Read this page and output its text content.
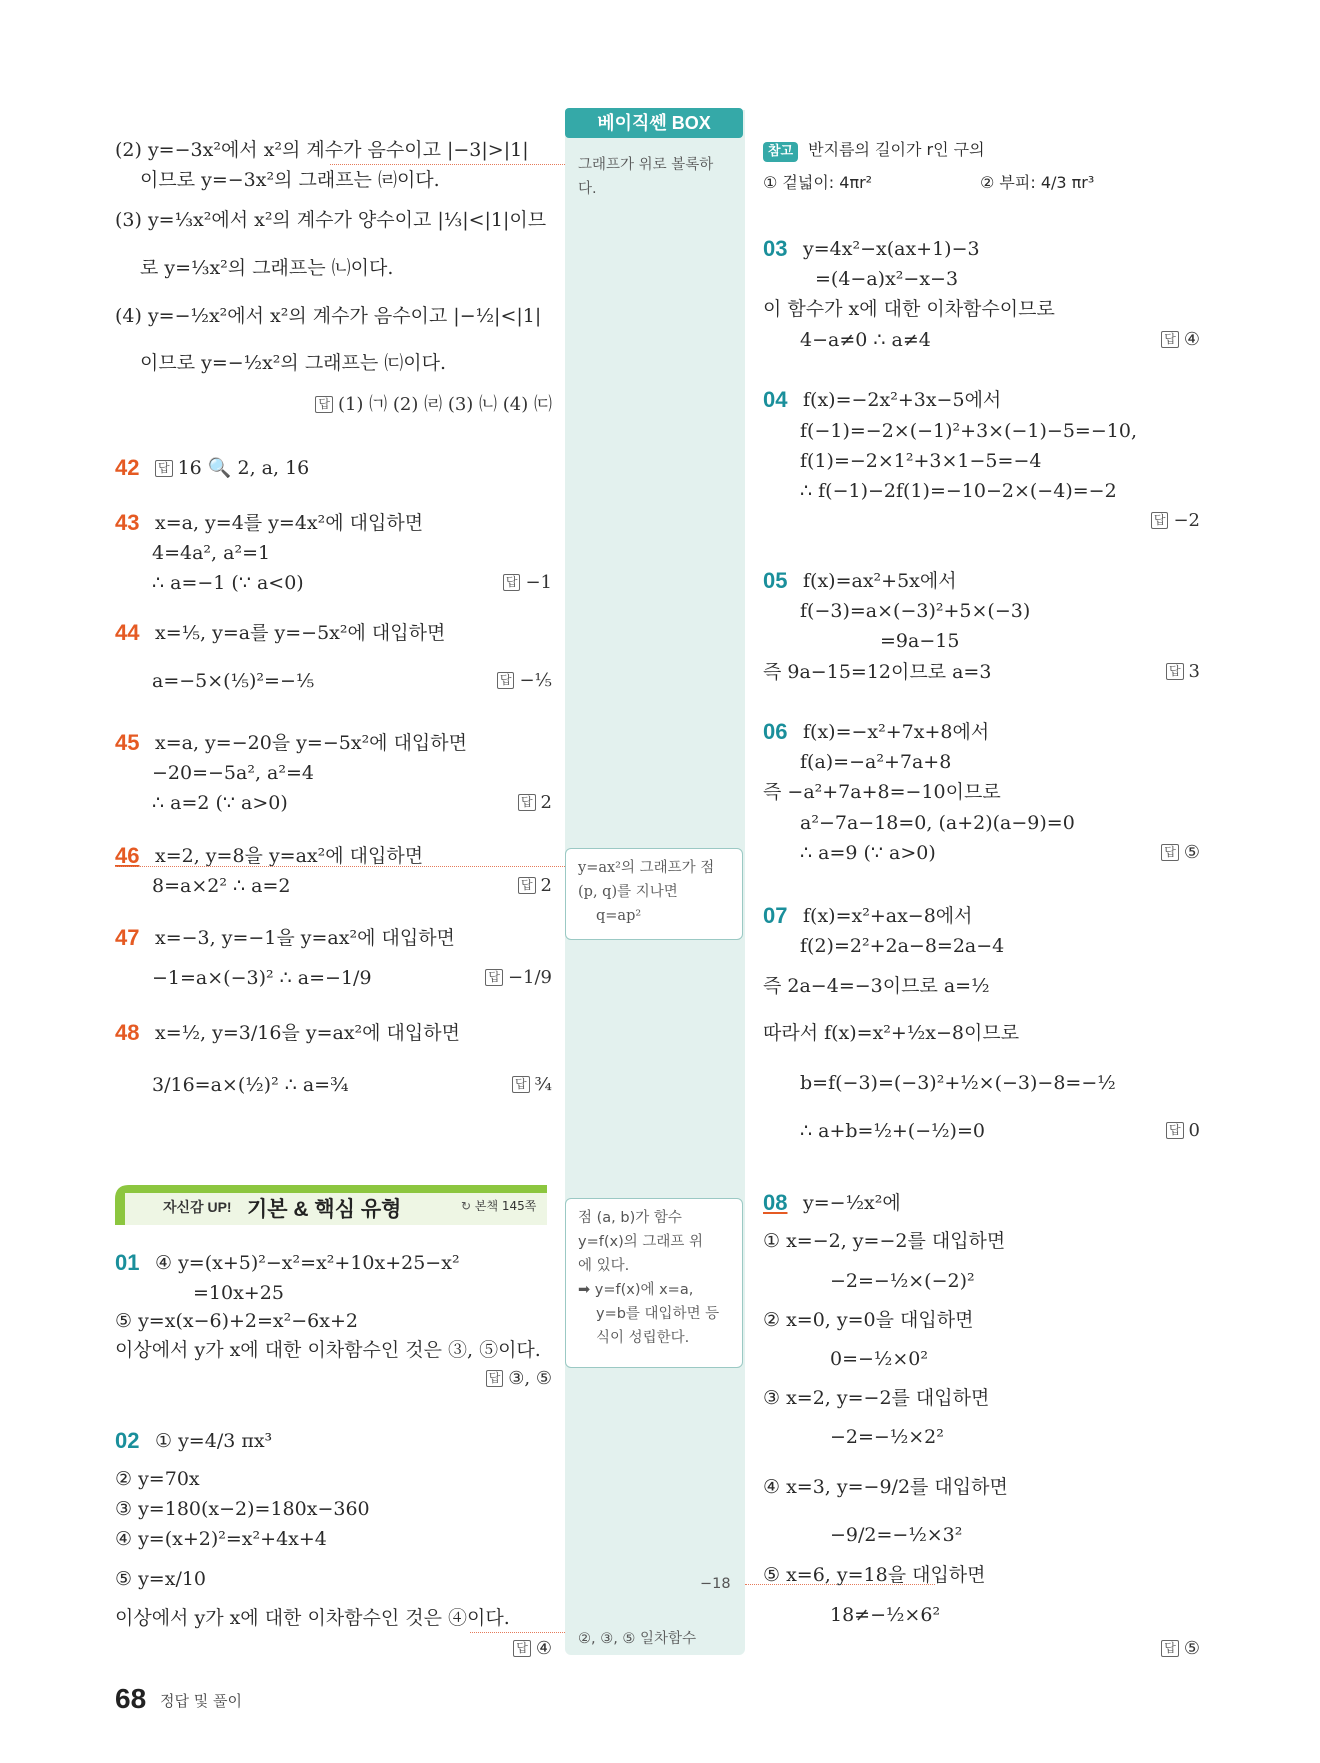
(2) y=−3x²에서 x²의 계수가 음수이고 |−3|>|1|
이므로 y=−3x²의 그래프는 ㈃이다.
(3) y=⅓x²에서 x²의 계수가 양수이고 |⅓|<|1|이므
로 y=⅓x²의 그래프는 ㈁이다.
(4) y=−½x²에서 x²의 계수가 음수이고 |−½|<|1|
이므로 y=−½x²의 그래프는 ㈂이다.
답 (1) ㈀ (2) ㈃ (3) ㈁ (4) ㈂
42 답 16 🔍 2, a, 16
43 x=a, y=4를 y=4x²에 대입하면
4=4a², a²=1
∴ a=−1 (∵ a<0)	답 −1
44 x=⅕, y=a를 y=−5x²에 대입하면
a=−5×(⅕)²=−⅕	답 −⅕
45 x=a, y=−20을 y=−5x²에 대입하면
−20=−5a², a²=4
∴ a=2 (∵ a>0)	답 2
46 x=2, y=8을 y=ax²에 대입하면
8=a×2² ∴ a=2	답 2
47 x=−3, y=−1을 y=ax²에 대입하면
−1=a×(−3)² ∴ a=−1/9	답 −1/9
48 x=½, y=3/16을 y=ax²에 대입하면
3/16=a×(½)² ∴ a=¾	답 ¾
자신감 UP! 기본 & 핵심 유형	↻ 본책 145쪽
01 ④ y=(x+5)²−x²=x²+10x+25−x²
=10x+25
⑤ y=x(x−6)+2=x²−6x+2
이상에서 y가 x에 대한 이차함수인 것은 ③, ⑤이다.
답 ③, ⑤
02 ① y=4/3 πx³
② y=70x
③ y=180(x−2)=180x−360
④ y=(x+2)²=x²+4x+4
⑤ y=x/10
이상에서 y가 x에 대한 이차함수인 것은 ④이다.
답 ④
68 정답 및 풀이
베이직쎈 BOX
그래프가 위로 볼록하
다.
y=ax²의 그래프가 점
(p, q)를 지나면
q=ap²
점 (a, b)가 함수
y=f(x)의 그래프 위
에 있다.
➡ y=f(x)에 x=a,
y=b를 대입하면 등
식이 성립한다.
−18
②, ③, ⑤ 일차함수
참고 반지름의 길이가 r인 구의
① 겉넓이: 4πr²	② 부피: 4/3 πr³
03 y=4x²−x(ax+1)−3
=(4−a)x²−x−3
이 함수가 x에 대한 이차함수이므로
4−a≠0 ∴ a≠4	답 ④
04 f(x)=−2x²+3x−5에서
f(−1)=−2×(−1)²+3×(−1)−5=−10,
f(1)=−2×1²+3×1−5=−4
∴ f(−1)−2f(1)=−10−2×(−4)=−2
답 −2
05 f(x)=ax²+5x에서
f(−3)=a×(−3)²+5×(−3)
=9a−15
즉 9a−15=12이므로 a=3	답 3
06 f(x)=−x²+7x+8에서
f(a)=−a²+7a+8
즉 −a²+7a+8=−10이므로
a²−7a−18=0, (a+2)(a−9)=0
∴ a=9 (∵ a>0)	답 ⑤
07 f(x)=x²+ax−8에서
f(2)=2²+2a−8=2a−4
즉 2a−4=−3이므로 a=½
따라서 f(x)=x²+½x−8이므로
b=f(−3)=(−3)²+½×(−3)−8=−½
∴ a+b=½+(−½)=0	답 0
08 y=−½x²에
① x=−2, y=−2를 대입하면
−2=−½×(−2)²
② x=0, y=0을 대입하면
0=−½×0²
③ x=2, y=−2를 대입하면
−2=−½×2²
④ x=3, y=−9/2를 대입하면
−9/2=−½×3²
⑤ x=6, y=18을 대입하면
18≠−½×6²
답 ⑤
